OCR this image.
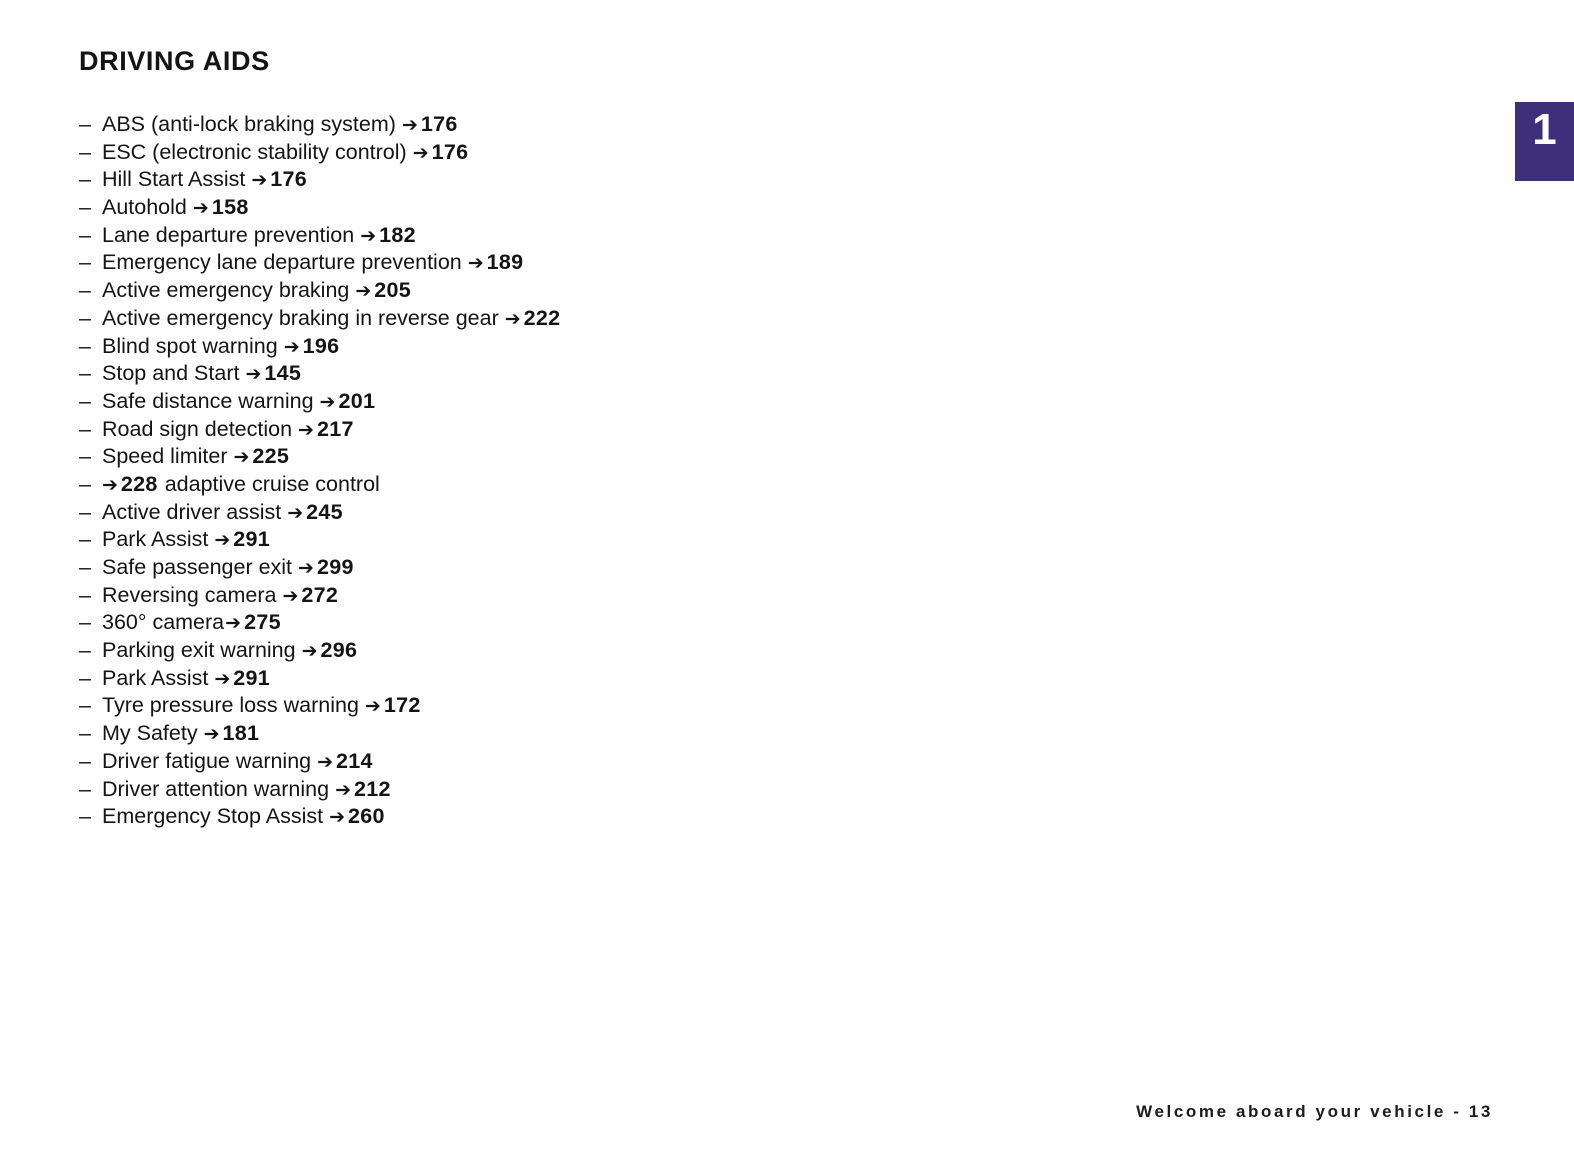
DRIVING AIDS
– ABS (anti-lock braking system) ➔ 176
– ESC (electronic stability control) ➔ 176
– Hill Start Assist ➔ 176
– Autohold ➔ 158
– Lane departure prevention ➔ 182
– Emergency lane departure prevention ➔ 189
– Active emergency braking ➔ 205
– Active emergency braking in reverse gear ➔ 222
– Blind spot warning ➔ 196
– Stop and Start ➔ 145
– Safe distance warning ➔ 201
– Road sign detection ➔ 217
– Speed limiter ➔ 225
– ➔ 228 adaptive cruise control
– Active driver assist ➔ 245
– Park Assist ➔ 291
– Safe passenger exit ➔ 299
– Reversing camera ➔ 272
– 360° camera➔ 275
– Parking exit warning ➔ 296
– Park Assist ➔ 291
– Tyre pressure loss warning ➔ 172
– My Safety ➔ 181
– Driver fatigue warning ➔ 214
– Driver attention warning ➔ 212
– Emergency Stop Assist ➔ 260
1
Welcome aboard your vehicle - 13
